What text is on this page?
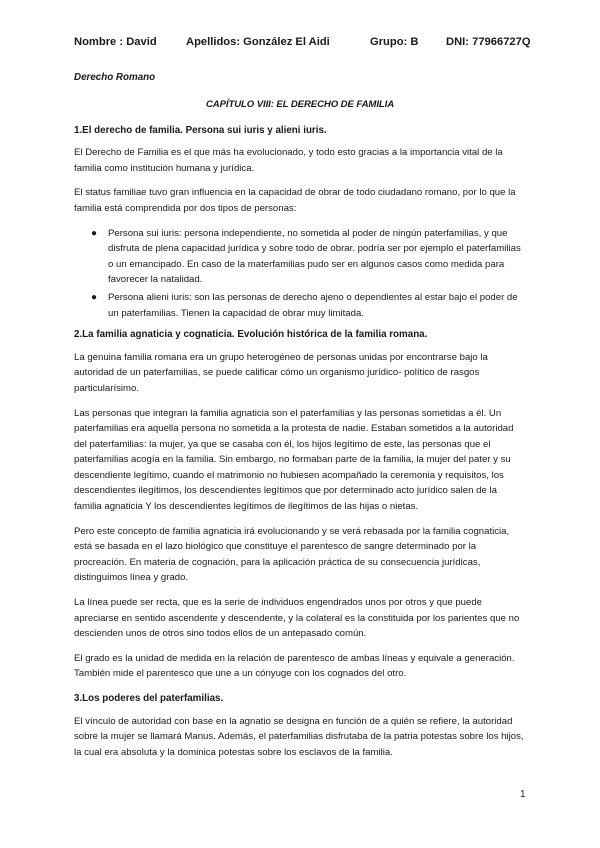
Nombre : David	Apellidos: González El Aidi	Grupo: B	DNI: 77966727Q
Derecho Romano
CAPÍTULO VIII: EL DERECHO DE FAMILIA
1.El derecho de familia. Persona sui iuris y alieni iuris.

El Derecho de Familia es el que más ha evolucionado, y todo esto gracias a la importancia vital de la familia como institución humana y jurídica.

El status familiae tuvo gran influencia en la capacidad de obrar de todo ciudadano romano, por lo que la familia está comprendida por dos tipos de personas:

● Persona sui iuris: persona independiente, no sometida al poder de ningún paterfamilias, y que disfruta de plena capacidad jurídica y sobre todo de obrar. podría ser por ejemplo el paterfamilias o un emancipado. En caso de la materfamilias pudo ser en algunos casos como medida para favorecer la natalidad.
● Persona alieni iuris: son las personas de derecho ajeno o dependientes al estar bajo el poder de un paterfamilias. Tienen la capacidad de obrar muy limitada.
2.La familia agnaticia y cognaticia. Evolución histórica de la familia romana.

La genuina familia romana era un grupo heterogéneo de personas unidas por encontrarse bajo la autoridad de un paterfamilias, se puede calificar cómo un organismo jurídico- político de rasgos particularísimo.

Las personas que integran la familia agnaticia son el paterfamilias y las personas sometidas a él. Un paterfamilias era aquella persona no sometida a la protesta de nadie. Estaban sometidos a la autoridad del paterfamilias: la mujer, ya que se casaba con él, los hijos legítimo de este, las personas que el paterfamilias acogía en la familia. Sin embargo, no formaban parte de la familia, la mujer del pater y su descendiente legítimo, cuando el matrimonio no hubiesen acompañado la ceremonia y requisitos, los descendientes ilegítimos, los descendientes legítimos que por determinado acto jurídico salen de la familia agnaticia Y los descendientes legítimos de ilegítimos de las hijas o nietas.

Pero este concepto de familia agnaticia irá evolucionando y se verá rebasada por la familia cognaticia, está se basada en el lazo biológico que constituye el parentesco de sangre determinado por la procreación. En materia de cognación, para la aplicación práctica de su consecuencia jurídicas, distinguimos línea y grado.

La línea puede ser recta, que es la serie de individuos engendrados unos por otros y que puede apreciarse en sentido ascendente y descendente, y la colateral es la constituida por los parientes que no descienden unos de otros sino todos ellos de un antepasado común.

El grado es la unidad de medida en la relación de parentesco de ambas líneas y equivale a generación. También mide el parentesco que une a un cónyuge con los cognados del otro.

3.Los poderes del paterfamilias.

El vínculo de autoridad con base en la agnatio se designa en función de a quién se refiere, la autoridad sobre la mujer se llamará Manus. Además, el paterfamilias disfrutaba de la patria potestas sobre los hijos, la cual era absoluta y la dominica potestas sobre los esclavos de la familia.

1
